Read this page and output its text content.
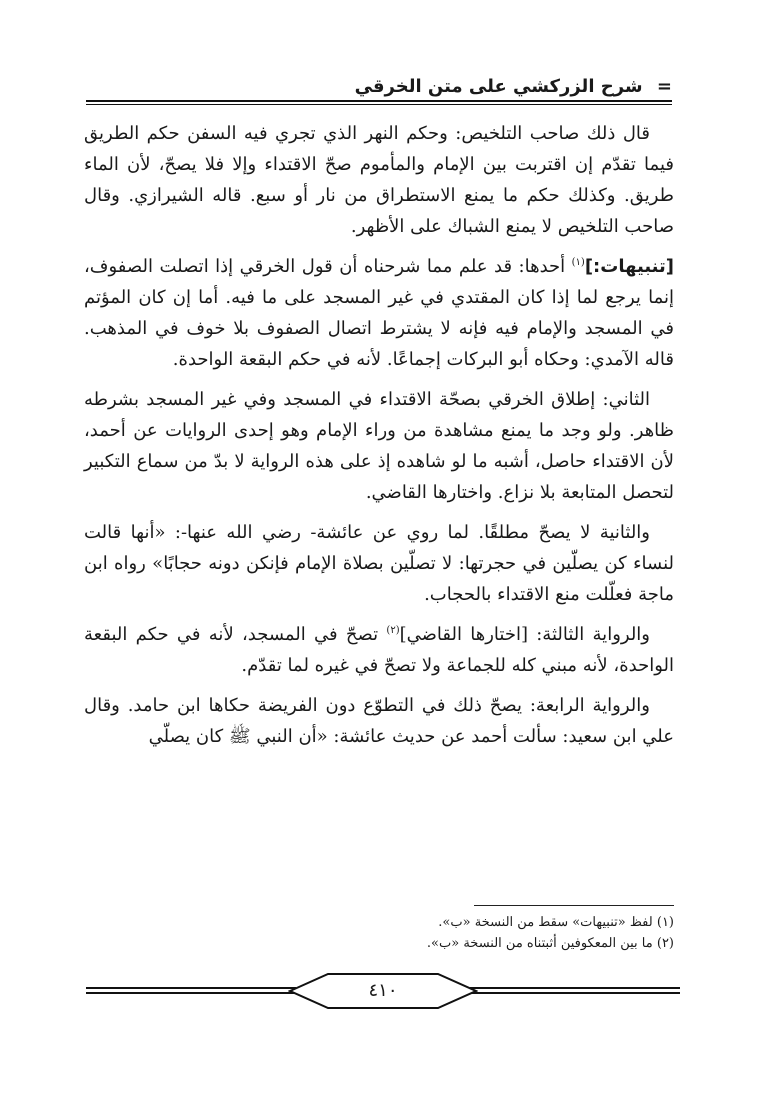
= شرح الزركشي على متن الخرقي

قال ذلك صاحب التلخيص: وحكم النهر الذي تجري فيه السفن حكم الطريق فيما تقدّم إن اقتربت بين الإمام والمأموم صحّ الاقتداء وإلا فلا يصحّ، لأن الماء طريق. وكذلك حكم ما يمنع الاستطراق من نار أو سبع. قاله الشيرازي. وقال صاحب التلخيص لا يمنع الشباك على الأظهر.

[تنبيهات:]$^{(١)}$ أحدها: قد علم مما شرحناه أن قول الخرقي إذا اتصلت الصفوف، إنما يرجع لما إذا كان المقتدي في غير المسجد على ما فيه. أما إن كان المؤتم في المسجد والإمام فيه فإنه لا يشترط اتصال الصفوف بلا خوف في المذهب. قاله الآمدي: وحكاه أبو البركات إجماعًا. لأنه في حكم البقعة الواحدة.

الثاني: إطلاق الخرقي بصحّة الاقتداء في المسجد وفي غير المسجد بشرطه ظاهر. ولو وجد ما يمنع مشاهدة من وراء الإمام وهو إحدى الروايات عن أحمد، لأن الاقتداء حاصل، أشبه ما لو شاهده إذ على هذه الرواية لا بدّ من سماع التكبير لتحصل المتابعة بلا نزاع. واختارها القاضي.

والثانية لا يصحّ مطلقًا. لما روي عن عائشة- رضي الله عنها-: «أنها قالت لنساء كن يصلّين في حجرتها: لا تصلّين بصلاة الإمام فإنكن دونه حجابًا» رواه ابن ماجة فعلّلت منع الاقتداء بالحجاب.

والرواية الثالثة: [اختارها القاضي]$^{(٢)}$ تصحّ في المسجد، لأنه في حكم البقعة الواحدة، لأنه مبني كله للجماعة ولا تصحّ في غيره لما تقدّم.

والرواية الرابعة: يصحّ ذلك في التطوّع دون الفريضة حكاها ابن حامد. وقال علي ابن سعيد: سألت أحمد عن حديث عائشة: «أن النبي ﷺ كان يصلّي

(١) لفظ «تنبيهات» سقط من النسخة «ب».

(٢) ما بين المعكوفين أثبتناه من النسخة «ب».

٤١٠
